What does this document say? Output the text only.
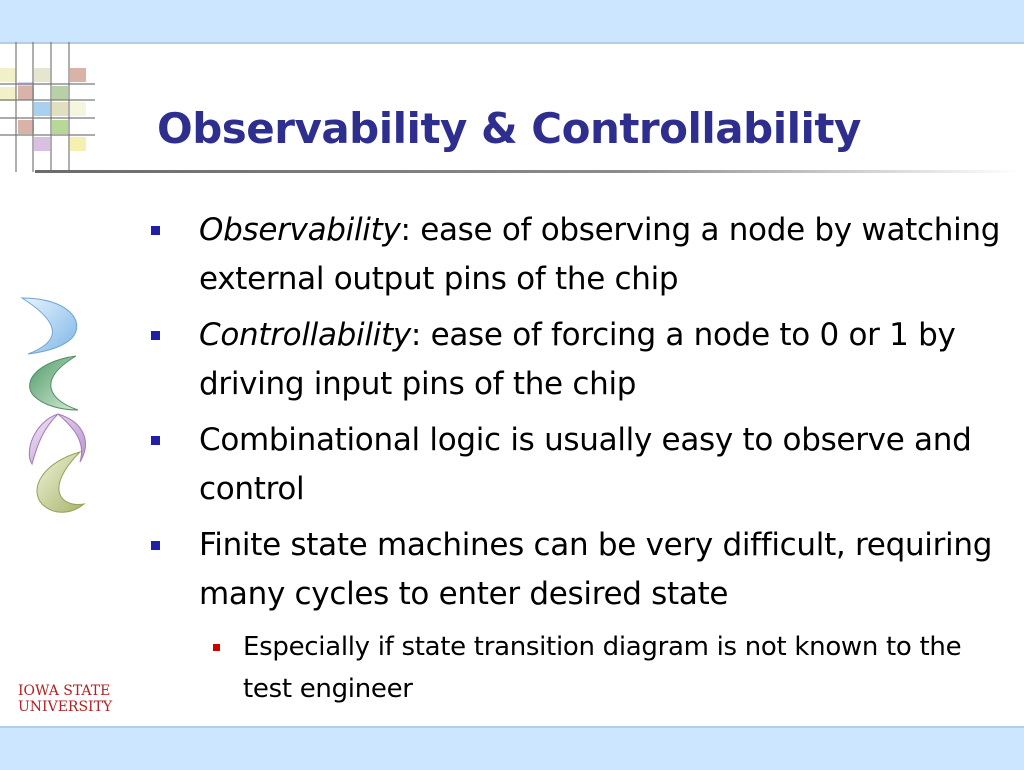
Observability & Controllability
Observability: ease of observing a node by watching external output pins of the chip
Controllability: ease of forcing a node to 0 or 1 by driving input pins of the chip
Combinational logic is usually easy to observe and control
Finite state machines can be very difficult, requiring many cycles to enter desired state
Especially if state transition diagram is not known to the test engineer
IOWA STATE
UNIVERSITY
